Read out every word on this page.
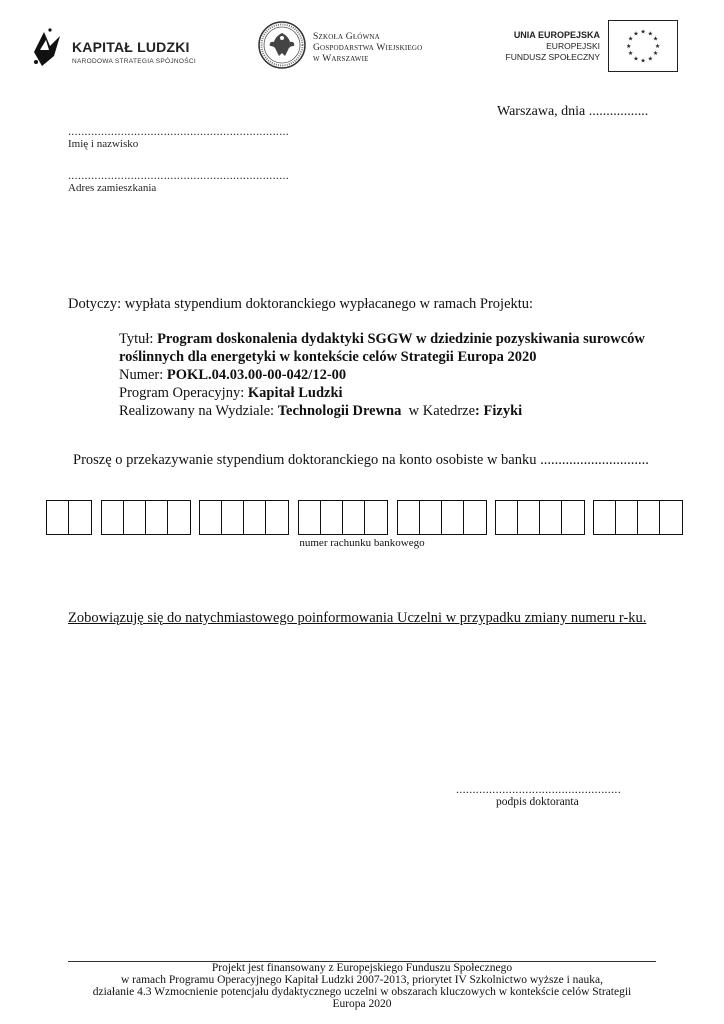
KAPITAŁ LUDZKI
NARODOWA STRATEGIA SPÓJNOŚCI
Szkoła Główna
Gospodarstwa Wiejskiego
w Warszawie
UNIA EUROPEJSKA
EUROPEJSKI
FUNDUSZ SPOŁECZNY
★
★
★
★
★
★
★
★
★ ★ ★
★
Warszawa, dnia .................
...................................................................
Imię i nazwisko
...................................................................
Adres zamieszkania
Dotyczy: wypłata stypendium doktoranckiego wypłacanego w ramach Projektu:
Tytuł: Program doskonalenia dydaktyki SGGW w dziedzinie pozyskiwania surowców
roślinnych dla energetyki w kontekście celów Strategii Europa 2020
Numer: POKL.04.03.00-00-042/12-00
Program Operacyjny: Kapitał Ludzki
Realizowany na Wydziale: Technologii Drewna  w Katedrze: Fizyki
Proszę o przekazywanie stypendium doktoranckiego na konto osobiste w banku ..............................
numer rachunku bankowego
Zobowiązuję się do natychmiastowego poinformowania Uczelni w przypadku zmiany numeru r-ku.
..................................................
podpis doktoranta
Projekt jest finansowany z Europejskiego Funduszu Społecznego
w ramach Programu Operacyjnego Kapitał Ludzki 2007-2013, priorytet IV Szkolnictwo wyższe i nauka,
działanie 4.3 Wzmocnienie potencjału dydaktycznego uczelni w obszarach kluczowych w kontekście celów Strategii
Europa 2020
